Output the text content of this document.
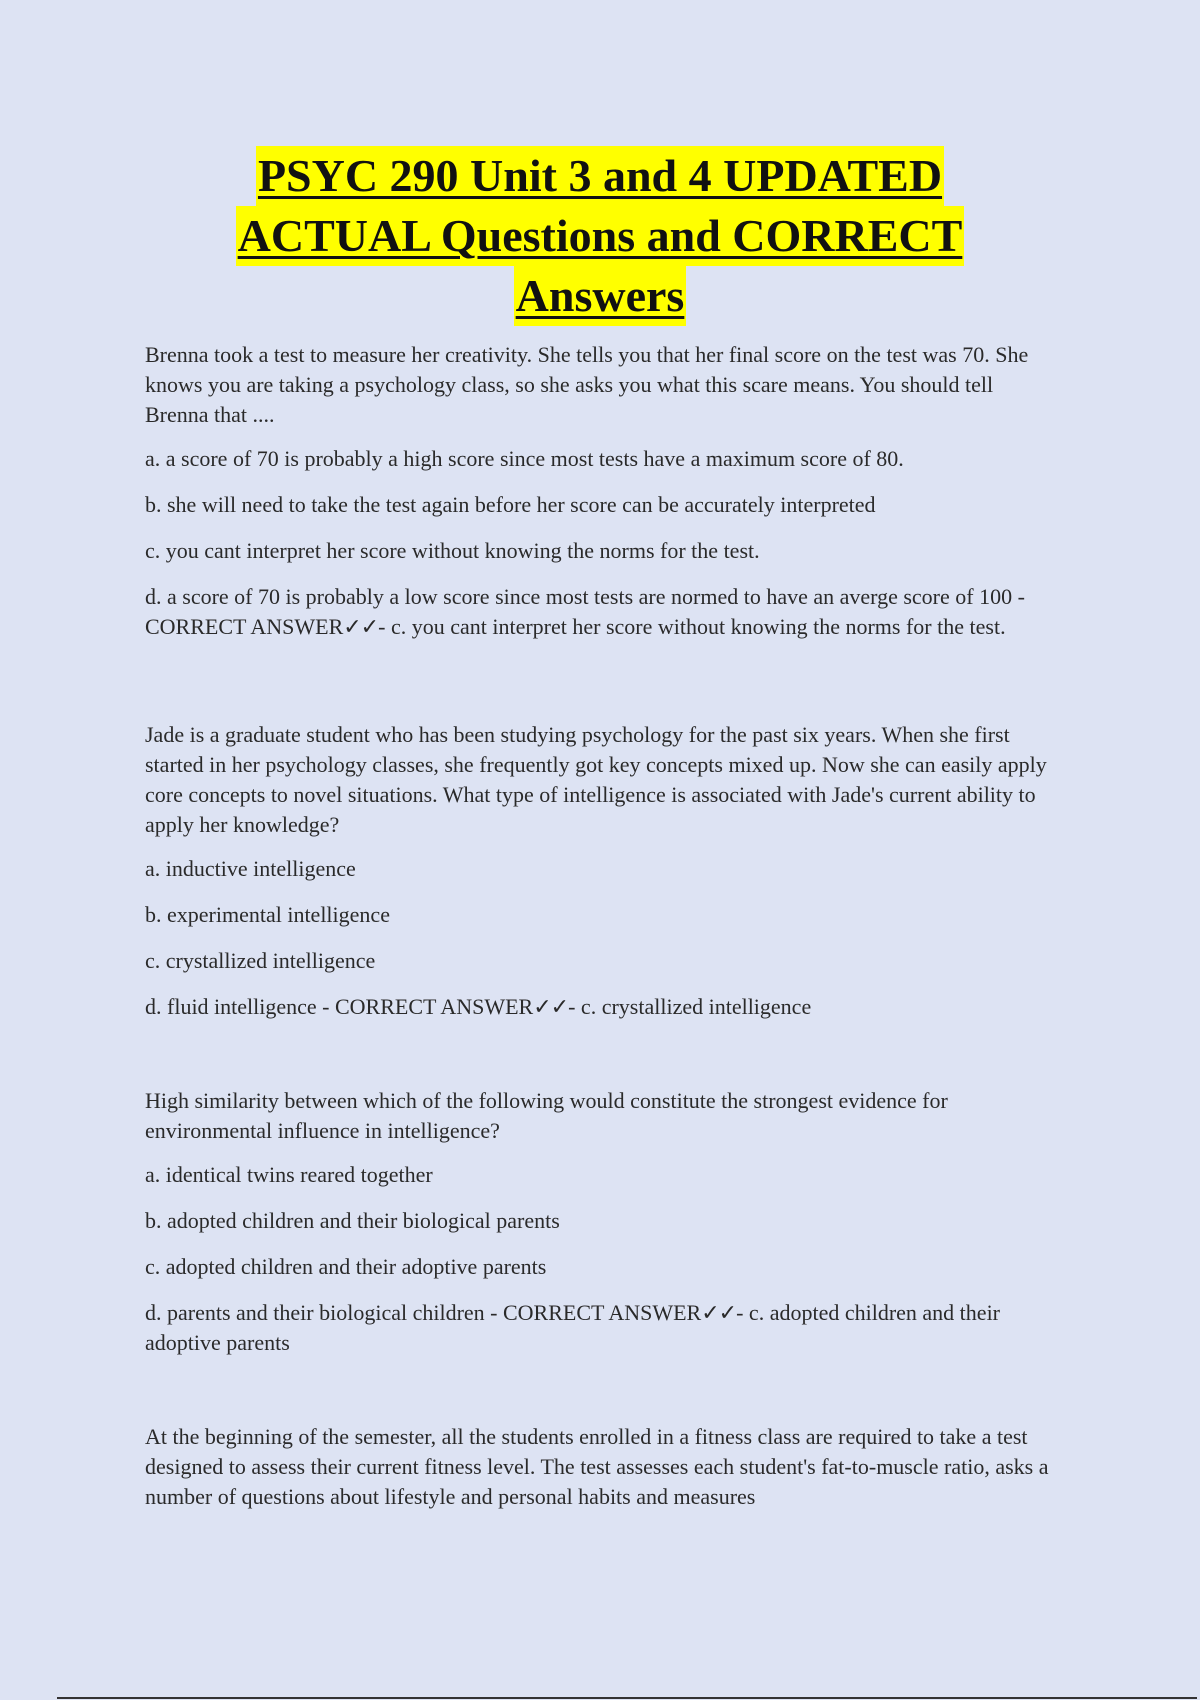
PSYC 290 Unit 3 and 4 UPDATED
ACTUAL Questions and CORRECT
Answers

Brenna took a test to measure her creativity. She tells you that her final score on the test was 70. She knows you are taking a psychology class, so she asks you what this scare means. You should tell Brenna that ....

a. a score of 70 is probably a high score since most tests have a maximum score of 80.

b. she will need to take the test again before her score can be accurately interpreted

c. you cant interpret her score without knowing the norms for the test.

d. a score of 70 is probably a low score since most tests are normed to have an averge score of 100 - CORRECT ANSWER✓✓- c. you cant interpret her score without knowing the norms for the test.

Jade is a graduate student who has been studying psychology for the past six years. When she first started in her psychology classes, she frequently got key concepts mixed up. Now she can easily apply core concepts to novel situations. What type of intelligence is associated with Jade's current ability to apply her knowledge?

a. inductive intelligence

b. experimental intelligence

c. crystallized intelligence

d. fluid intelligence - CORRECT ANSWER✓✓- c. crystallized intelligence

High similarity between which of the following would constitute the strongest evidence for environmental influence in intelligence?

a. identical twins reared together

b. adopted children and their biological parents

c. adopted children and their adoptive parents

d. parents and their biological children - CORRECT ANSWER✓✓- c. adopted children and their adoptive parents

At the beginning of the semester, all the students enrolled in a fitness class are required to take a test designed to assess their current fitness level. The test assesses each student's fat-to-muscle ratio, asks a number of questions about lifestyle and personal habits and measures
